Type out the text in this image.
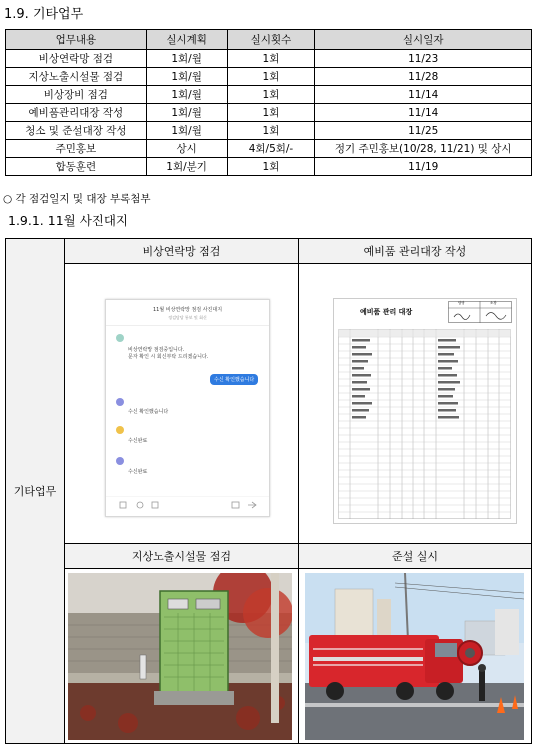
1.9. 기타업무
업무내용	실시계획	실시횟수	실시일자
비상연락망 점검	1회/월	1회	11/23
지상노출시설물 점검	1회/월	1회	11/28
비상장비 점검	1회/월	1회	11/14
예비품관리대장 작성	1회/월	1회	11/14
청소 및 준설대장 작성	1회/월	1회	11/25
주민홍보	상시	4회/5회/-	정기 주민홍보(10/28, 11/21) 및 상시
합동훈련	1회/분기	1회	11/19
○ 각 점검일지 및 대장 부록첨부
1.9.1. 11월 사진대지
기타업무
비상연락망 점검	예비품 관리대장 작성
지상노출시설물 점검	준설 실시
11월 비상연락망 점검 사진대지
정검담당 통보 및 회신
비상연락망 점검중입니다.
문자 확인 시 회신부탁 드리겠습니다.
수신 확인했습니다
수신 확인했습니다
수신완료
수신완료
예비품 관리 대장
담당	소장
